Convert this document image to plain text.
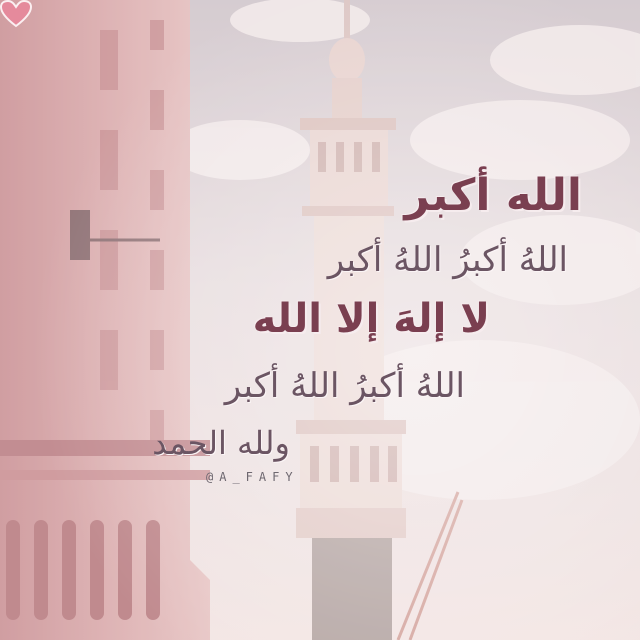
الله أكبر
اللهُ أكبرُ اللهُ أكبر
لا إلهَ إلا الله
اللهُ أكبرُ اللهُ أكبر
ولله الحمد
@A_FAFY
